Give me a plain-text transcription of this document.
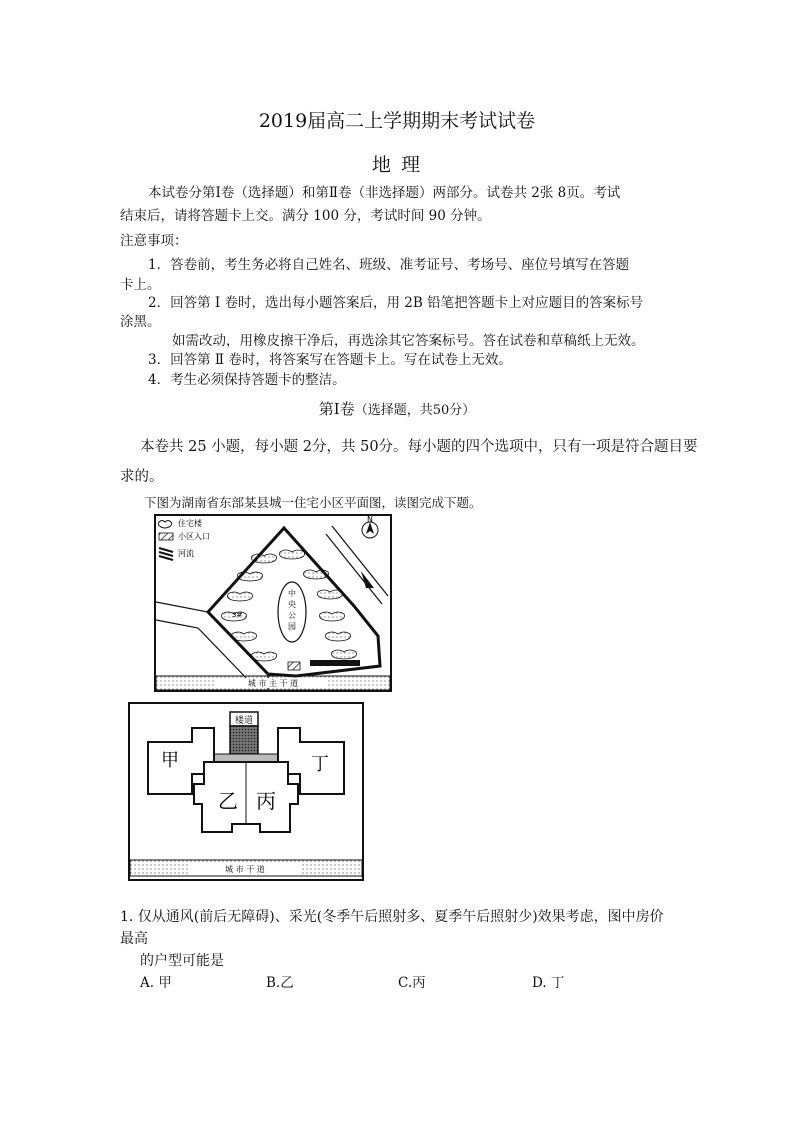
2019届高二上学期期末考试试卷
地 理
本试卷分第Ⅰ卷（选择题）和第Ⅱ卷（非选择题）两部分。试卷共 2张 8页。考试
结束后，请将答题卡上交。满分 100 分，考试时间 90 分钟。
注意事项：
1．答卷前，考生务必将自己姓名、班级、准考证号、考场号、座位号填写在答题
卡上。
2．回答第 Ⅰ 卷时，选出每小题答案后，用 2B 铅笔把答题卡上对应题目的答案标号
涂黑。
如需改动，用橡皮擦干净后，再选涂其它答案标号。答在试卷和草稿纸上无效。
3．回答第 Ⅱ 卷时，将答案写在答题卡上。写在试卷上无效。
4．考生必须保持答题卡的整洁。
第Ⅰ卷（选择题，共50分）
本卷共 25 小题，每小题 2分，共 50分。每小题的四个选项中，只有一项是符合题目要
求的。
下图为湖南省东部某县城一住宅小区平面图，读图完成下题。
住宅楼
小区入口
河流
N
中
央
公
园
3#
城 市 主 干 道
楼道
甲	丁
乙 丙
城 市 干 道
1. 仅从通风(前后无障碍)、采光(冬季午后照射多、夏季午后照射少)效果考虑，图中房价
最高
的户型可能是
A. 甲	B.乙	C.丙	D. 丁
